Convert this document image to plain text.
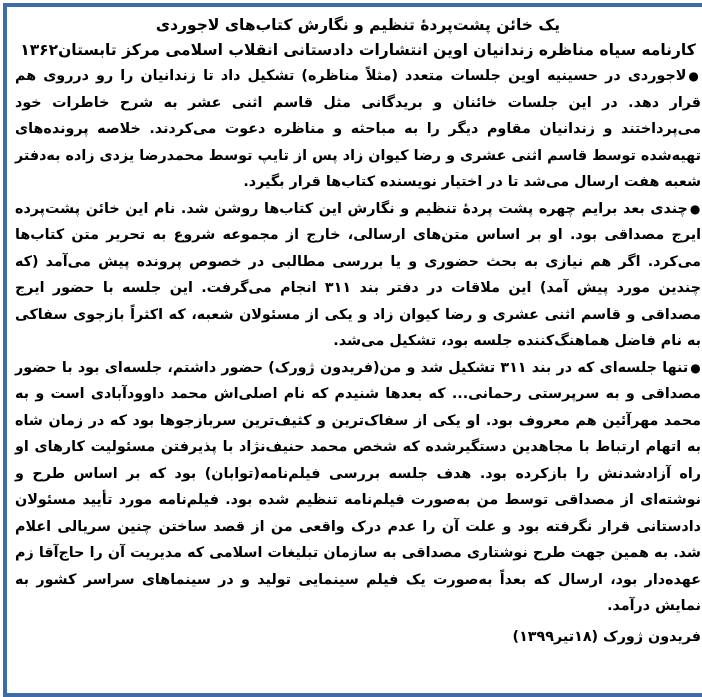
یک خائن پشت‌پردهٔ تنظیم و نگارش کتاب‌های لاجوردی
کارنامه سیاه مناظره زندانیان اوین انتشارات دادستانی انقلاب اسلامی مرکز تابستان۱۳۶۲

●لاجوردی در حسینیه اوین جلسات متعدد (مثلاً مناظره) تشکیل داد تا زندانیان را رو درروی هم قرار دهد. در این جلسات خائنان و بریدگانی مثل قاسم اثنی عشر به شرح خاطرات خود می‌پرداختند و زندانیان مقاوم دیگر را به مباحثه و مناظره دعوت می‌کردند. خلاصه پرونده‌های تهیه‌شده توسط قاسم اثنی عشری و رضا کیوان زاد پس از تایپ توسط محمدرضا یزدی زاده به‌دفتر شعبه هفت ارسال می‌شد تا در اختیار نویسنده کتاب‌ها قرار بگیرد.

●چندی بعد برایم چهره پشت پردهٔ تنظیم و نگارش این کتاب‌ها روشن شد. نام این خائن پشت‌پرده ایرج مصداقی بود. او بر اساس متن‌های ارسالی، خارج از مجموعه شروع به تحریر متن کتاب‌ها می‌کرد. اگر هم نیازی به بحث حضوری و یا بررسی مطالبی در خصوص پرونده پیش می‌آمد (که چندین مورد پیش آمد) این ملاقات در دفتر بند ۳۱۱ انجام می‌گرفت. این جلسه با حضور ایرج مصداقی و قاسم اثنی عشری و رضا کیوان زاد و یکی از مسئولان شعبه، که اکثراً بازجوی سفاکی به نام فاضل هماهنگ‌کننده جلسه بود، تشکیل می‌شد.

●تنها جلسه‌ای که در بند ۳۱۱ تشکیل شد و من(فریدون ژورک) حضور داشتم، جلسه‌ای بود با حضور مصداقی و به سرپرستی رحمانی... که بعدها شنیدم که نام اصلی‌اش محمد داوودآبادی است و به محمد مهرآئین هم معروف بود. او یکی از سفاک‌ترین و کثیف‌ترین سربازجوها بود که در زمان شاه به اتهام ارتباط با مجاهدین دستگیرشده که شخص محمد حنیف‌نژاد با پذیرفتن مسئولیت کارهای او راه آزادشدنش را بازکرده بود. هدف جلسه بررسی فیلم‌نامه(توابان) بود که بر اساس طرح و نوشته‌ای از مصداقی توسط من به‌صورت فیلم‌نامه تنظیم شده بود. فیلم‌نامه مورد تأیید مسئولان دادستانی قرار نگرفته بود و علت آن را عدم درک واقعی من از قصد ساختن چنین سریالی اعلام شد. به همین جهت طرح نوشتاری مصداقی به سازمان تبلیغات اسلامی که مدیریت آن را حاج‌آقا زم عهده‌دار بود، ارسال که بعداً به‌صورت یک فیلم سینمایی تولید و در سینماهای سراسر کشور به نمایش درآمد.

فریدون ژورک (۱۸تیر۱۳۹۹)
